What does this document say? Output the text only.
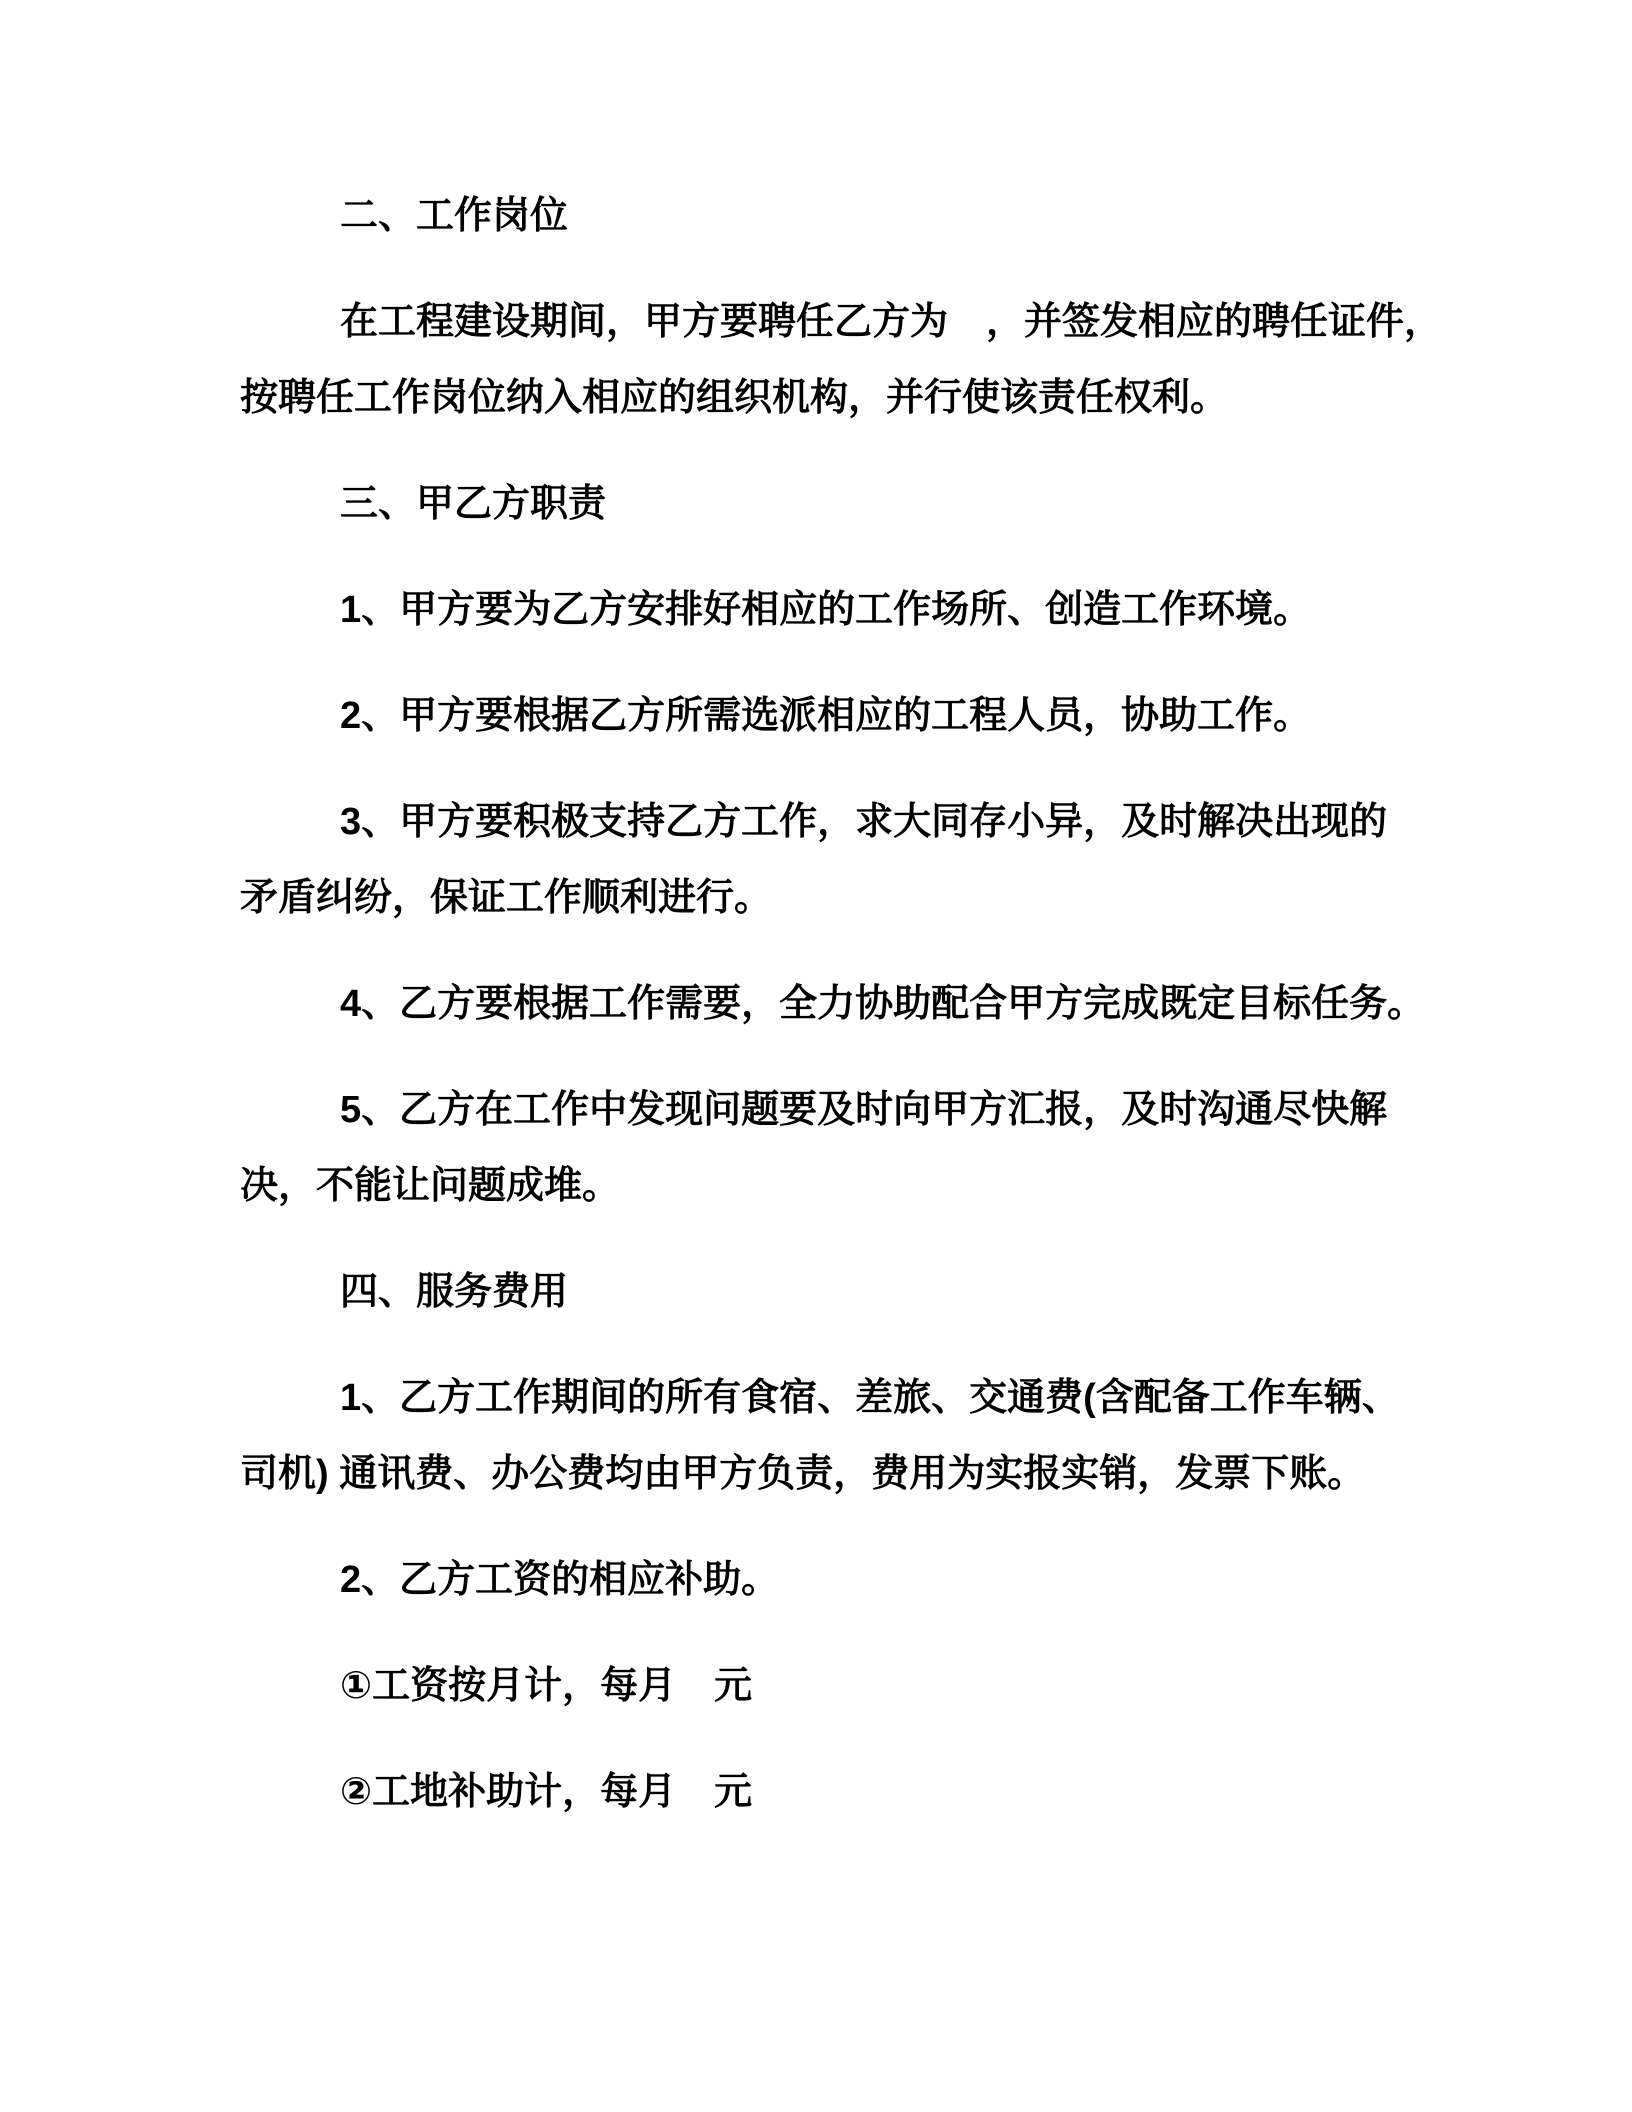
二、工作岗位
在工程建设期间，甲方要聘任乙方为　，并签发相应的聘任证件，
按聘任工作岗位纳入相应的组织机构，并行使该责任权利。
三、甲乙方职责
1、甲方要为乙方安排好相应的工作场所、创造工作环境。
2、甲方要根据乙方所需选派相应的工程人员，协助工作。
3、甲方要积极支持乙方工作，求大同存小异，及时解决出现的
矛盾纠纷，保证工作顺利进行。
4、乙方要根据工作需要，全力协助配合甲方完成既定目标任务。
5、乙方在工作中发现问题要及时向甲方汇报，及时沟通尽快解
决，不能让问题成堆。
四、服务费用
1、乙方工作期间的所有食宿、差旅、交通费(含配备工作车辆、
司机) 通讯费、办公费均由甲方负责，费用为实报实销，发票下账。
2、乙方工资的相应补助。
①工资按月计，每月　元
②工地补助计，每月　元
